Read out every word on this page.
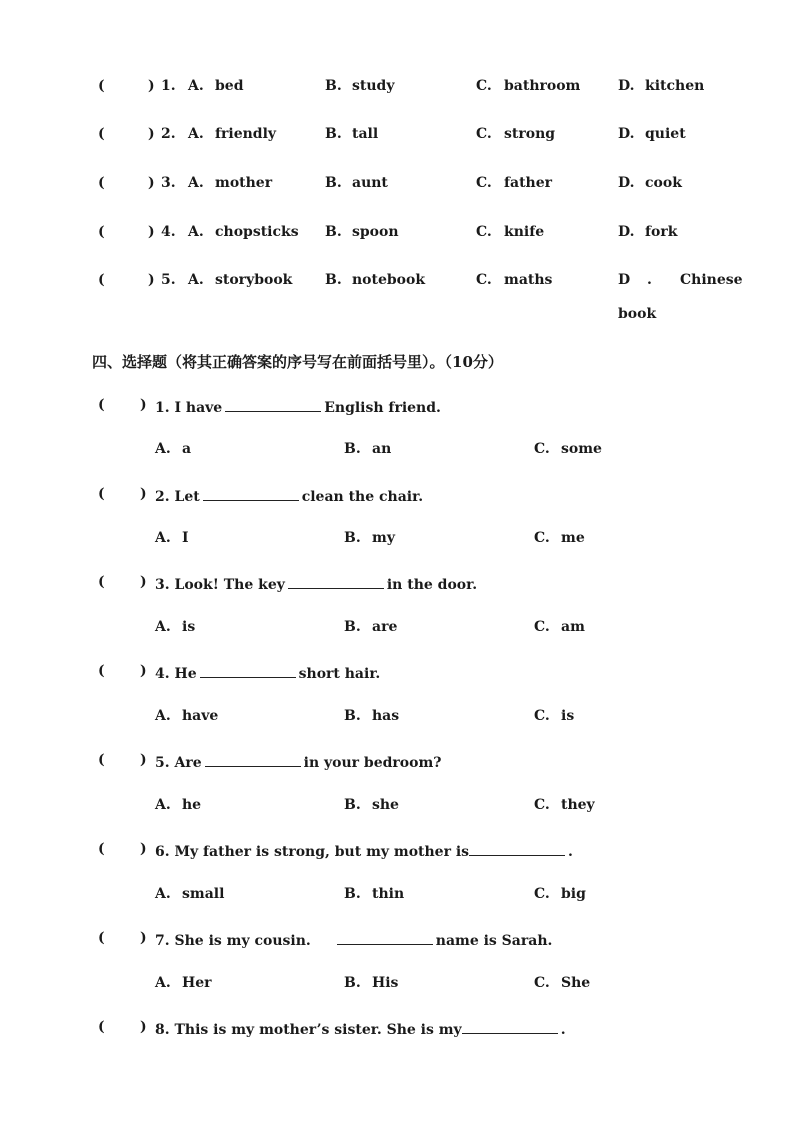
(	) 1. A. bed	B. study	C. bathroom	D. kitchen
(	) 2. A. friendly	B. tall	C. strong	D. quiet
(	) 3. A. mother	B. aunt	C. father	D. cook
(	) 4. A. chopsticks B. spoon	C. knife	D. fork
(	) 5. A. storybook B. notebook	C. maths	D . Chinese
book
四、选择题（将其正确答案的序号写在前面括号里）。（10分）
(	) 1. I have	English friend.
A. a	B. an	C. some
(	) 2. Let	clean the chair.
A. I	B. my	C. me
(	) 3. Look! The key	in the door.
A. is	B. are	C. am
(	) 4. He	short hair.
A. have	B. has	C. is
(	) 5. Are	in your bedroom?
A. he	B. she	C. they
(	) 6. My father is strong, but my mother is	.
A. small	B. thin	C. big
(	) 7. She is my cousin.	name is Sarah.
A. Her	B. His	C. She
(	) 8. This is my mother’s sister. She is my	.
